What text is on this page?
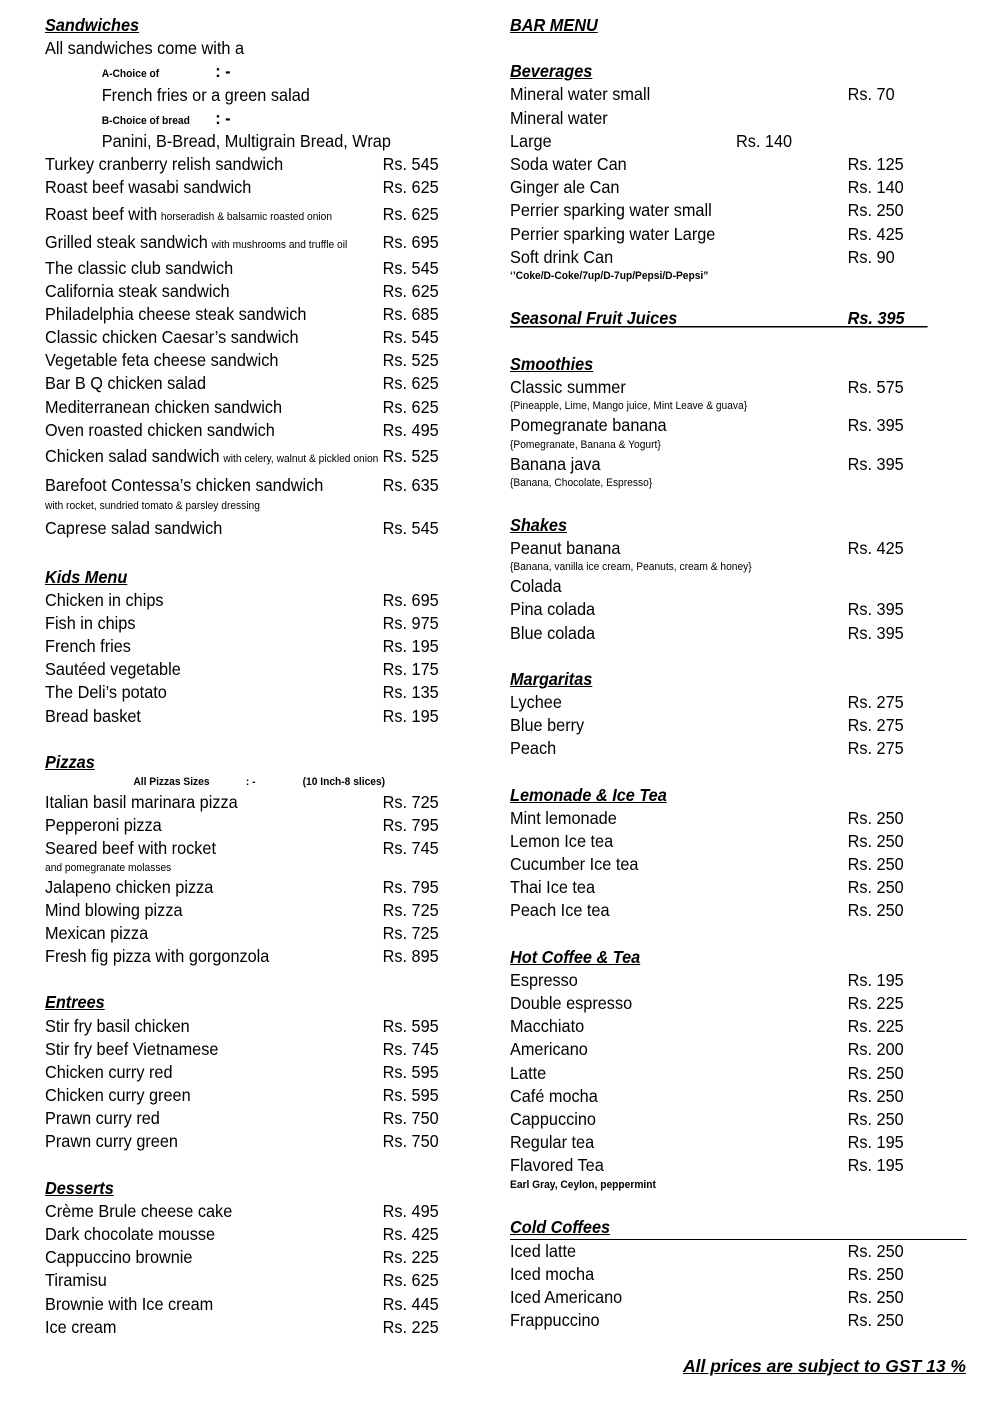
Sandwiches
All sandwiches come with a
A-Choice of	: -
French fries or a green salad
B-Choice of bread : -
Panini, B-Bread, Multigrain Bread, Wrap
Turkey cranberry relish sandwich	Rs. 545
Roast beef wasabi sandwich	Rs. 625
Roast beef with horseradish & balsamic roasted onion	Rs. 625
Grilled steak sandwich with mushrooms and truffle oil Rs. 695
The classic club sandwich	Rs. 545
California steak sandwich	Rs. 625
Philadelphia cheese steak sandwich	Rs. 685
Classic chicken Caesar’s sandwich	Rs. 545
Vegetable feta cheese sandwich	Rs. 525
Bar B Q chicken salad	Rs. 625
Mediterranean chicken sandwich	Rs. 625
Oven roasted chicken sandwich	Rs. 495
Chicken salad sandwich with celery, walnut & pickled onion Rs. 525
Barefoot Contessa’s chicken sandwich	Rs. 635
with rocket, sundried tomato & parsley dressing
Caprese salad sandwich	Rs. 545
Kids Menu
Chicken in chips	Rs. 695
Fish in chips	Rs. 975
French fries	Rs. 195
Sautéed vegetable	Rs. 175
The Deli’s potato	Rs. 135
Bread basket	Rs. 195
Pizzas
All Pizzas Sizes	: -	(10 Inch-8 slices)
Italian basil marinara pizza	Rs. 725
Pepperoni pizza	Rs. 795
Seared beef with rocket	Rs. 745
and pomegranate molasses
Jalapeno chicken pizza	Rs. 795
Mind blowing pizza	Rs. 725
Mexican pizza	Rs. 725
Fresh fig pizza with gorgonzola	Rs. 895
Entrees
Stir fry basil chicken	Rs. 595
Stir fry beef Vietnamese	Rs. 745
Chicken curry red	Rs. 595
Chicken curry green	Rs. 595
Prawn curry red	Rs. 750
Prawn curry green	Rs. 750
Desserts
Crème Brule cheese cake	Rs. 495
Dark chocolate mousse	Rs. 425
Cappuccino brownie	Rs. 225
Tiramisu	Rs. 625
Brownie with Ice cream	Rs. 445
Ice cream	Rs. 225
BAR MENU
Beverages
Mineral water small	Rs. 70
Mineral water
Large	Rs. 140
Soda water Can	Rs. 125
Ginger ale Can	Rs. 140
Perrier sparking water small	Rs. 250
Perrier sparking water Large	Rs. 425
Soft drink Can	Rs. 90
‘’Coke/D-Coke/7up/D-7up/Pepsi/D-Pepsi”
Seasonal Fruit Juices	Rs. 395
Smoothies
Classic summer	Rs. 575
{Pineapple, Lime, Mango juice, Mint Leave & guava}
Pomegranate banana	Rs. 395
{Pomegranate, Banana & Yogurt}
Banana java	Rs. 395
{Banana, Chocolate, Espresso}
Shakes
Peanut banana	Rs. 425
{Banana, vanilla ice cream, Peanuts, cream & honey}
Colada
Pina colada	Rs. 395
Blue colada	Rs. 395
Margaritas
Lychee	Rs. 275
Blue berry	Rs. 275
Peach	Rs. 275
Lemonade & Ice Tea
Mint lemonade	Rs. 250
Lemon Ice tea	Rs. 250
Cucumber Ice tea	Rs. 250
Thai Ice tea	Rs. 250
Peach Ice tea	Rs. 250
Hot Coffee & Tea
Espresso	Rs. 195
Double espresso	Rs. 225
Macchiato	Rs. 225
Americano	Rs. 200
Latte	Rs. 250
Café mocha	Rs. 250
Cappuccino	Rs. 250
Regular tea	Rs. 195
Flavored Tea	Rs. 195
Earl Gray, Ceylon, peppermint
Cold Coffees
Iced latte	Rs. 250
Iced mocha	Rs. 250
Iced Americano	Rs. 250
Frappuccino	Rs. 250
All prices are subject to GST 13 %
